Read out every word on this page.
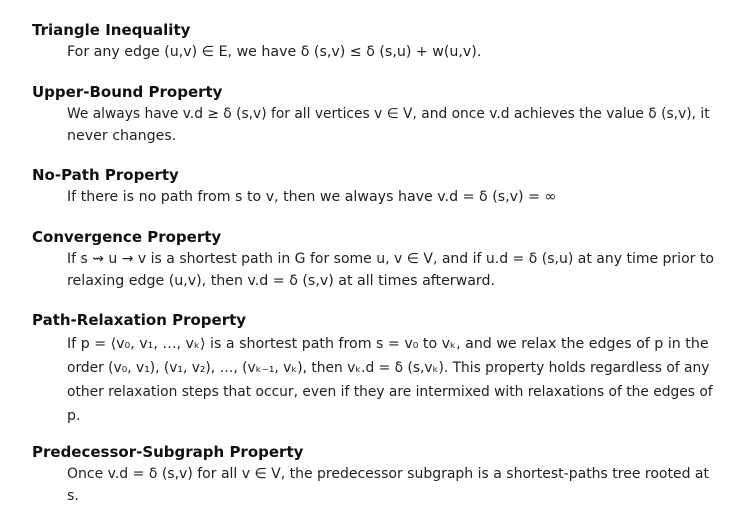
Triangle Inequality
For any edge (u,v) ∈ E, we have δ (s,v) ≤ δ (s,u) + w(u,v).
Upper-Bound Property
We always have v.d ≥ δ (s,v) for all vertices v ∈ V, and once v.d achieves the value δ (s,v), it
never changes.
No-Path Property
If there is no path from s to v, then we always have v.d = δ (s,v) = ∞
Convergence Property
If s ⇝ u → v is a shortest path in G for some u, v ∈ V, and if u.d = δ (s,u) at any time prior to
relaxing edge (u,v), then v.d = δ (s,v) at all times afterward.
Path-Relaxation Property
If p = ⟨v₀, v₁, …, vₖ⟩ is a shortest path from s = v₀ to vₖ, and we relax the edges of p in the
order (v₀, v₁), (v₁, v₂), …, (vₖ₋₁, vₖ), then vₖ.d = δ (s,vₖ). This property holds regardless of any
other relaxation steps that occur, even if they are intermixed with relaxations of the edges of
p.
Predecessor-Subgraph Property
Once v.d = δ (s,v) for all v ∈ V, the predecessor subgraph is a shortest-paths tree rooted at
s.
